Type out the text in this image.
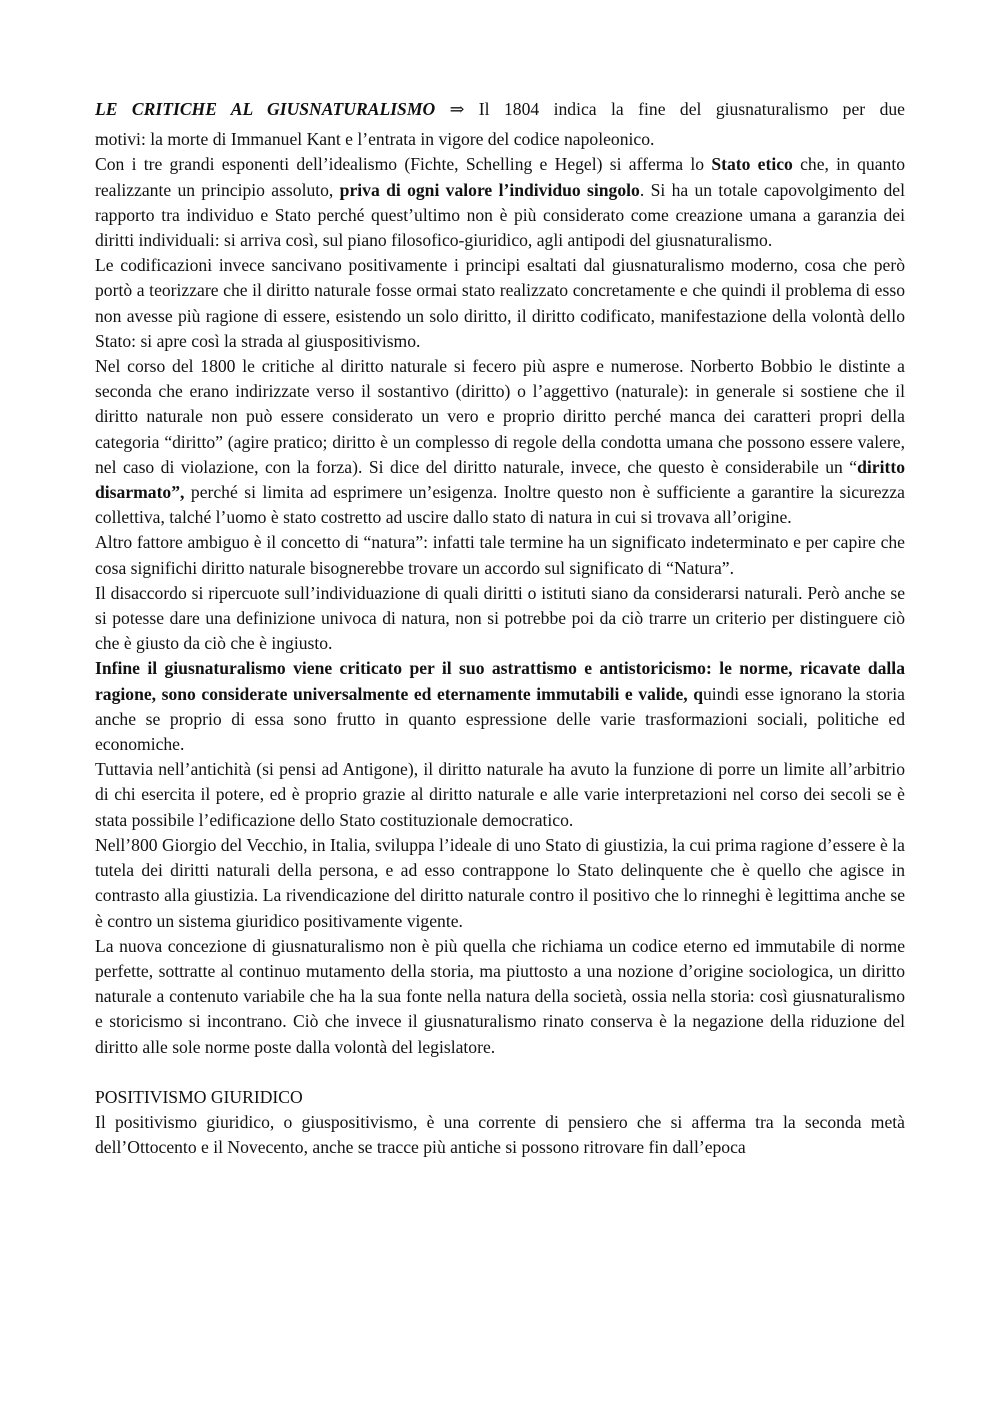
LE CRITICHE AL GIUSNATURALISMO ⇒ Il 1804 indica la fine del giusnaturalismo per due
motivi: la morte di Immanuel Kant e l’entrata in vigore del codice napoleonico.

Con i tre grandi esponenti dell’idealismo (Fichte, Schelling e Hegel) si afferma lo Stato etico che, in quanto realizzante un principio assoluto, priva di ogni valore l’individuo singolo. Si ha un totale capovolgimento del rapporto tra individuo e Stato perché quest’ultimo non è più considerato come creazione umana a garanzia dei diritti individuali: si arriva così, sul piano filosofico-giuridico, agli antipodi del giusnaturalismo.

Le codificazioni invece sancivano positivamente i principi esaltati dal giusnaturalismo moderno, cosa che però portò a teorizzare che il diritto naturale fosse ormai stato realizzato concretamente e che quindi il problema di esso non avesse più ragione di essere, esistendo un solo diritto, il diritto codificato, manifestazione della volontà dello Stato: si apre così la strada al giuspositivismo.

Nel corso del 1800 le critiche al diritto naturale si fecero più aspre e numerose. Norberto Bobbio le distinte a seconda che erano indirizzate verso il sostantivo (diritto) o l’aggettivo (naturale): in generale si sostiene che il diritto naturale non può essere considerato un vero e proprio diritto perché manca dei caratteri propri della categoria “diritto” (agire pratico; diritto è un complesso di regole della condotta umana che possono essere valere, nel caso di violazione, con la forza). Si dice del diritto naturale, invece, che questo è considerabile un “diritto disarmato”, perché si limita ad esprimere un’esigenza. Inoltre questo non è sufficiente a garantire la sicurezza collettiva, talché l’uomo è stato costretto ad uscire dallo stato di natura in cui si trovava all’origine.

Altro fattore ambiguo è il concetto di “natura”: infatti tale termine ha un significato indeterminato e per capire che cosa significhi diritto naturale bisognerebbe trovare un accordo sul significato di “Natura”.

Il disaccordo si ripercuote sull’individuazione di quali diritti o istituti siano da considerarsi naturali. Però anche se si potesse dare una definizione univoca di natura, non si potrebbe poi da ciò trarre un criterio per distinguere ciò che è giusto da ciò che è ingiusto.

Infine il giusnaturalismo viene criticato per il suo astrattismo e antistoricismo: le norme, ricavate dalla ragione, sono considerate universalmente ed eternamente immutabili e valide, quindi esse ignorano la storia anche se proprio di essa sono frutto in quanto espressione delle varie trasformazioni sociali, politiche ed economiche.

Tuttavia nell’antichità (si pensi ad Antigone), il diritto naturale ha avuto la funzione di porre un limite all’arbitrio di chi esercita il potere, ed è proprio grazie al diritto naturale e alle varie interpretazioni nel corso dei secoli se è stata possibile l’edificazione dello Stato costituzionale democratico.

Nell’800 Giorgio del Vecchio, in Italia, sviluppa l’ideale di uno Stato di giustizia, la cui prima ragione d’essere è la tutela dei diritti naturali della persona, e ad esso contrappone lo Stato delinquente che è quello che agisce in contrasto alla giustizia. La rivendicazione del diritto naturale contro il positivo che lo rinneghi è legittima anche se è contro un sistema giuridico positivamente vigente.

La nuova concezione di giusnaturalismo non è più quella che richiama un codice eterno ed immutabile di norme perfette, sottratte al continuo mutamento della storia, ma piuttosto a una nozione d’origine sociologica, un diritto naturale a contenuto variabile che ha la sua fonte nella natura della società, ossia nella storia: così giusnaturalismo e storicismo si incontrano. Ciò che invece il giusnaturalismo rinato conserva è la negazione della riduzione del diritto alle sole norme poste dalla volontà del legislatore.

POSITIVISMO GIURIDICO

Il positivismo giuridico, o giuspositivismo, è una corrente di pensiero che si afferma tra la seconda metà dell’Ottocento e il Novecento, anche se tracce più antiche si possono ritrovare fin dall’epoca
